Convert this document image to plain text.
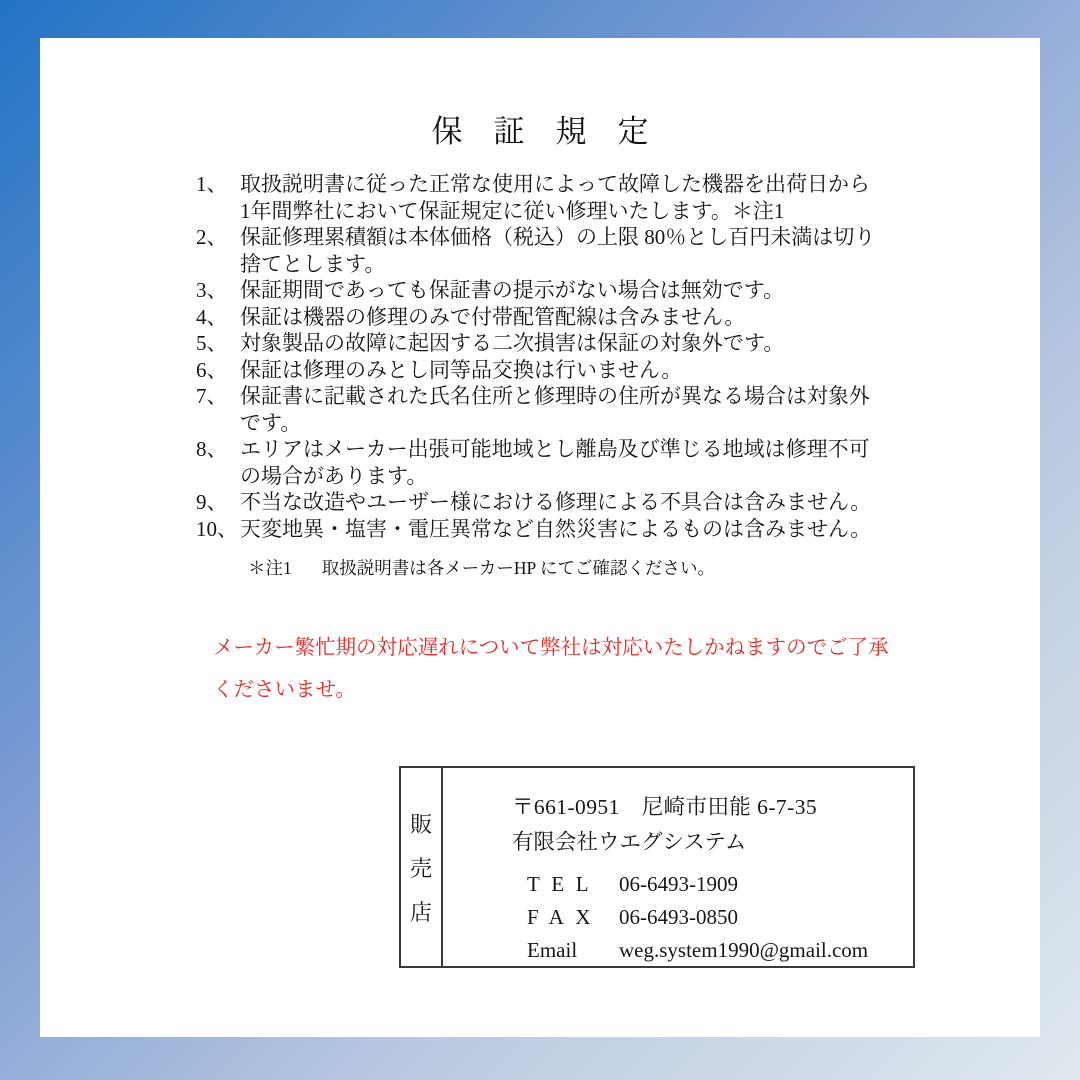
保証規定
1、 取扱説明書に従った正常な使用によって故障した機器を出荷日から1年間弊社において保証規定に従い修理いたします。＊注1
2、 保証修理累積額は本体価格（税込）の上限 80％とし百円未満は切り捨てとします。
3、 保証期間であっても保証書の提示がない場合は無効です。
4、 保証は機器の修理のみで付帯配管配線は含みません。
5、 対象製品の故障に起因する二次損害は保証の対象外です。
6、 保証は修理のみとし同等品交換は行いません。
7、 保証書に記載された氏名住所と修理時の住所が異なる場合は対象外です。
8、 エリアはメーカー出張可能地域とし離島及び準じる地域は修理不可の場合があります。
9、 不当な改造やユーザー様における修理による不具合は含みません。
10、 天変地異・塩害・電圧異常など自然災害によるものは含みません。
＊注1 取扱説明書は各メーカーHP にてご確認ください。

メーカー繁忙期の対応遅れについて弊社は対応いたしかねますのでご了承

くださいませ。

販
売
店

〒661-0951　尼崎市田能 6-7-35

有限会社ウエグシステム

TEL 06-6493-1909
FAX 06-6493-0850
Email	weg.system1990@gmail.com
